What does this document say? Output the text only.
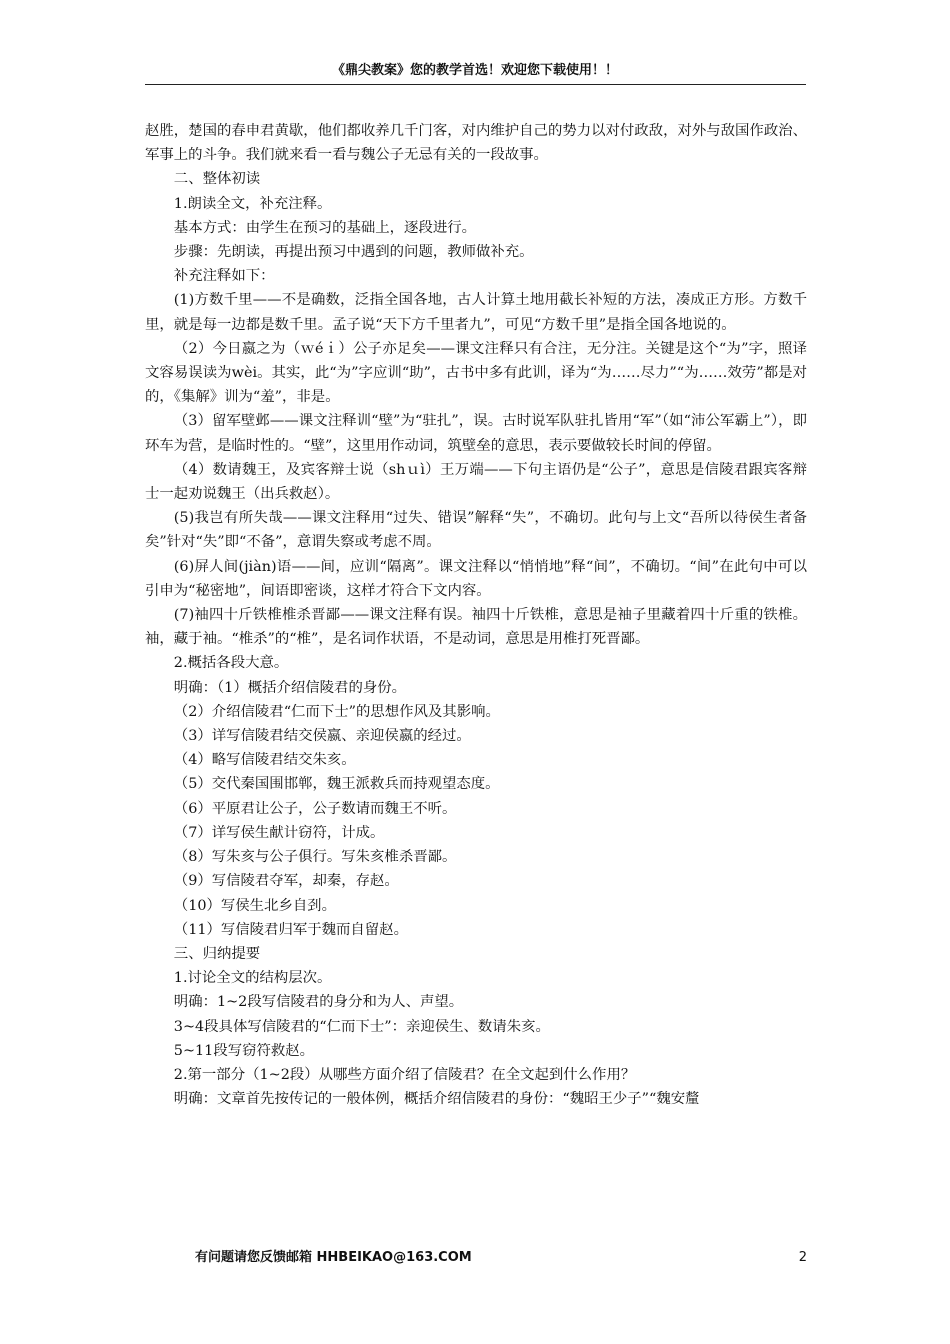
《鼎尖教案》您的教学首选！欢迎您下载使用！！

赵胜，楚国的春申君黄歇，他们都收养几千门客，对内维护自己的势力以对付政敌，对外与敌国作政治、军事上的斗争。我们就来看一看与魏公子无忌有关的一段故事。

二、整体初读

1.朗读全文，补充注释。

基本方式：由学生在预习的基础上，逐段进行。

步骤：先朗读，再提出预习中遇到的问题，教师做补充。

补充注释如下：

(1)方数千里——不是确数，泛指全国各地，古人计算土地用截长补短的方法，凑成正方形。方数千里，就是每一边都是数千里。孟子说“天下方千里者九”，可见“方数千里”是指全国各地说的。

（2）今日嬴之为（ｗéｉ）公子亦足矣——课文注释只有合注，无分注。关键是这个“为”字，照译文容易误读为wèi。其实，此“为”字应训“助”，古书中多有此训，译为“为……尽力”“为……效劳”都是对的，《集解》训为“羞”，非是。

（3）留军壁邺——课文注释训“壁”为“驻扎”，误。古时说军队驻扎皆用“军”（如“沛公军霸上”），即环车为营，是临时性的。“壁”，这里用作动词，筑壁垒的意思，表示要做较长时间的停留。

（4）数请魏王，及宾客辩士说（shｕì）王万端——下句主语仍是“公子”，意思是信陵君跟宾客辩士一起劝说魏王（出兵救赵）。

(5)我岂有所失哉——课文注释用“过失、错误”解释“失”，不确切。此句与上文“吾所以待侯生者备矣”针对“失”即“不备”，意谓失察或考虑不周。

(6)屏人间(jiàn)语——间，应训“隔离”。课文注释以“悄悄地”释“间”，不确切。“间”在此句中可以引申为“秘密地”，间语即密谈，这样才符合下文内容。

(7)袖四十斤铁椎椎杀晋鄙——课文注释有误。袖四十斤铁椎，意思是袖子里藏着四十斤重的铁椎。袖，藏于袖。“椎杀”的“椎”，是名词作状语，不是动词，意思是用椎打死晋鄙。

2.概括各段大意。

明确：（1）概括介绍信陵君的身份。

（2）介绍信陵君“仁而下士”的思想作风及其影响。

（3）详写信陵君结交侯嬴、亲迎侯嬴的经过。

（4）略写信陵君结交朱亥。

（5）交代秦国围邯郸，魏王派救兵而持观望态度。

（6）平原君让公子，公子数请而魏王不听。

（7）详写侯生献计窃符，计成。

（8）写朱亥与公子俱行。写朱亥椎杀晋鄙。

（9）写信陵君夺军，却秦，存赵。

（10）写侯生北乡自刭。

（11）写信陵君归军于魏而自留赵。

三、归纳提要

1.讨论全文的结构层次。

明确：1~2段写信陵君的身分和为人、声望。

3~4段具体写信陵君的“仁而下士”：亲迎侯生、数请朱亥。

5~11段写窃符救赵。

2.第一部分（1~2段）从哪些方面介绍了信陵君？在全文起到什么作用？

明确：文章首先按传记的一般体例，概括介绍信陵君的身份：“魏昭王少子”“魏安釐

有问题请您反馈邮箱 HHBEIKAO@163.COM	2
